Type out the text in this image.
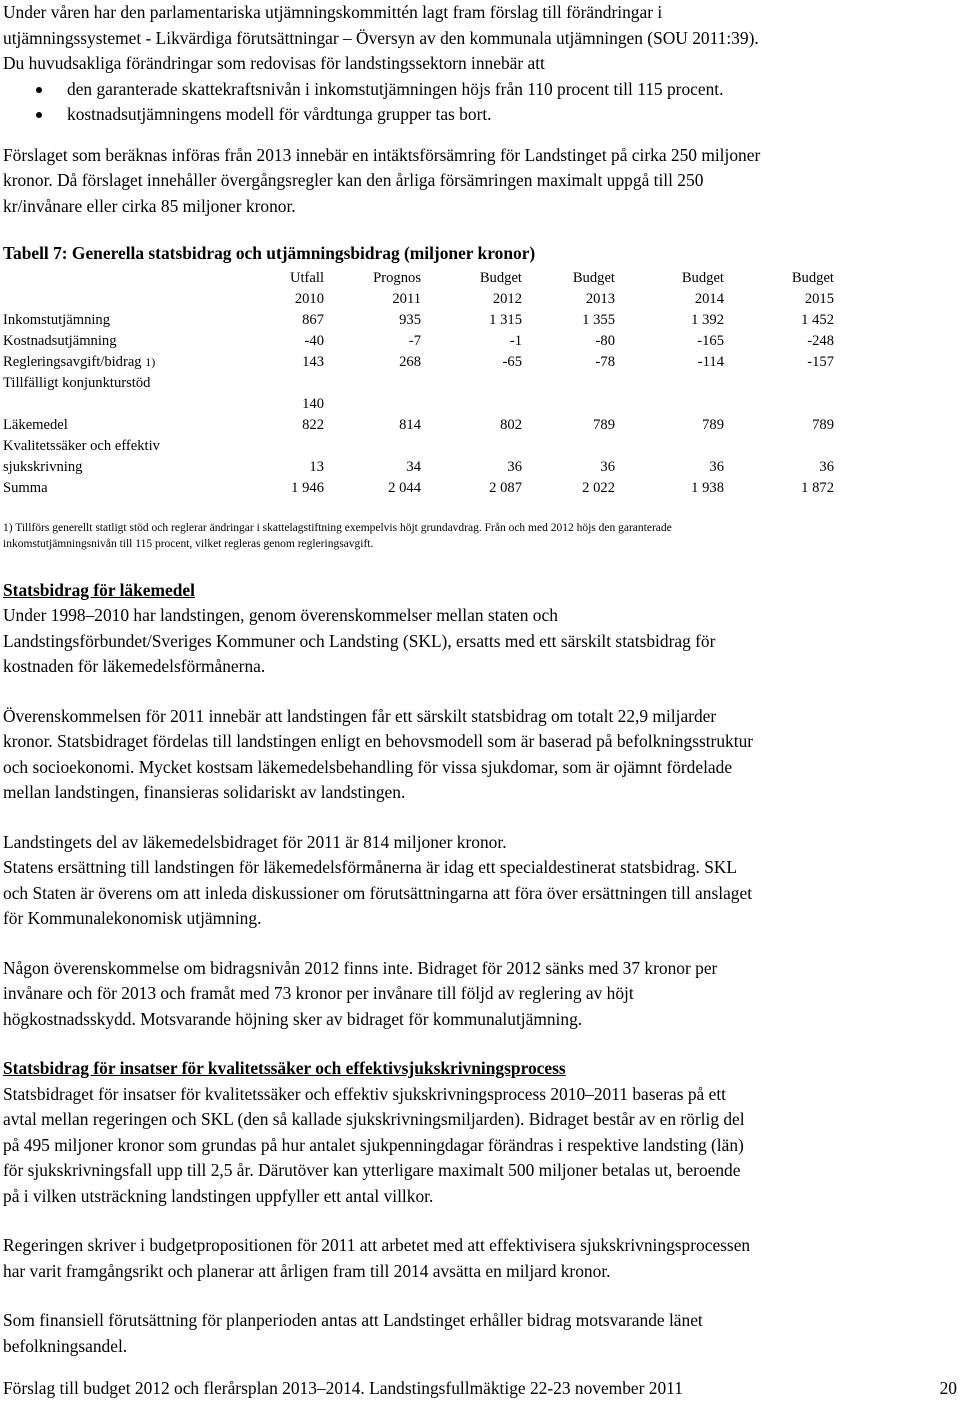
Under våren har den parlamentariska utjämningskommittén lagt fram förslag till förändringar i

utjämningssystemet - Likvärdiga förutsättningar – Översyn av den kommunala utjämningen (SOU 2011:39).

Du huvudsakliga förändringar som redovisas för landstingssektorn innebär att

den garanterade skattekraftsnivån i inkomstutjämningen höjs från 110 procent till 115 procent.
kostnadsutjämningens modell för vårdtunga grupper tas bort.

Förslaget som beräknas införas från 2013 innebär en intäktsförsämring för Landstinget på cirka 250 miljoner

kronor. Då förslaget innehåller övergångsregler kan den årliga försämringen maximalt uppgå till 250

kr/invånare eller cirka 85 miljoner kronor.

Tabell 7: Generella statsbidrag och utjämningsbidrag (miljoner kronor)
	Utfall	Prognos	Budget	Budget	Budget	Budget
	2010	2011	2012	2013	2014	2015
Inkomstutjämning	867	935	1 315	1 355	1 392	1 452
Kostnadsutjämning	-40	-7	-1	-80	-165	-248
Regleringsavgift/bidrag 1)	143	268	-65	-78	-114	-157
Tillfälligt konjunkturstöd						
	140					
Läkemedel	822	814	802	789	789	789
Kvalitetssäker och effektiv						
sjukskrivning	13	34	36	36	36	36
Summa	1 946	2 044	2 087	2 022	1 938	1 872

1) Tillförs generellt statligt stöd och reglerar ändringar i skattelagstiftning exempelvis höjt grundavdrag. Från och med 2012 höjs den garanterade

inkomstutjämningsnivån till 115 procent, vilket regleras genom regleringsavgift.

Statsbidrag för läkemedel

Under 1998–2010 har landstingen, genom överenskommelser mellan staten och

Landstingsförbundet/Sveriges Kommuner och Landsting (SKL), ersatts med ett särskilt statsbidrag för

kostnaden för läkemedelsförmånerna.

Överenskommelsen för 2011 innebär att landstingen får ett särskilt statsbidrag om totalt 22,9 miljarder

kronor. Statsbidraget fördelas till landstingen enligt en behovsmodell som är baserad på befolkningsstruktur

och socioekonomi. Mycket kostsam läkemedelsbehandling för vissa sjukdomar, som är ojämnt fördelade

mellan landstingen, finansieras solidariskt av landstingen.

Landstingets del av läkemedelsbidraget för 2011 är 814 miljoner kronor.

Statens ersättning till landstingen för läkemedelsförmånerna är idag ett specialdestinerat statsbidrag. SKL

och Staten är överens om att inleda diskussioner om förutsättningarna att föra över ersättningen till anslaget

för Kommunalekonomisk utjämning.

Någon överenskommelse om bidragsnivån 2012 finns inte. Bidraget för 2012 sänks med 37 kronor per

invånare och för 2013 och framåt med 73 kronor per invånare till följd av reglering av höjt

högkostnadsskydd. Motsvarande höjning sker av bidraget för kommunalutjämning.

Statsbidrag för insatser för kvalitetssäker och effektivsjukskrivningsprocess

Statsbidraget för insatser för kvalitetssäker och effektiv sjukskrivningsprocess 2010–2011 baseras på ett

avtal mellan regeringen och SKL (den så kallade sjukskrivningsmiljarden). Bidraget består av en rörlig del

på 495 miljoner kronor som grundas på hur antalet sjukpenningdagar förändras i respektive landsting (län)

för sjukskrivningsfall upp till 2,5 år. Därutöver kan ytterligare maximalt 500 miljoner betalas ut, beroende

på i vilken utsträckning landstingen uppfyller ett antal villkor.

Regeringen skriver i budgetpropositionen för 2011 att arbetet med att effektivisera sjukskrivningsprocessen

har varit framgångsrikt och planerar att årligen fram till 2014 avsätta en miljard kronor.

Som finansiell förutsättning för planperioden antas att Landstinget erhåller bidrag motsvarande länet

befolkningsandel.

Förslag till budget 2012 och flerårsplan 2013–2014. Landstingsfullmäktige 22-23 november 2011	20
